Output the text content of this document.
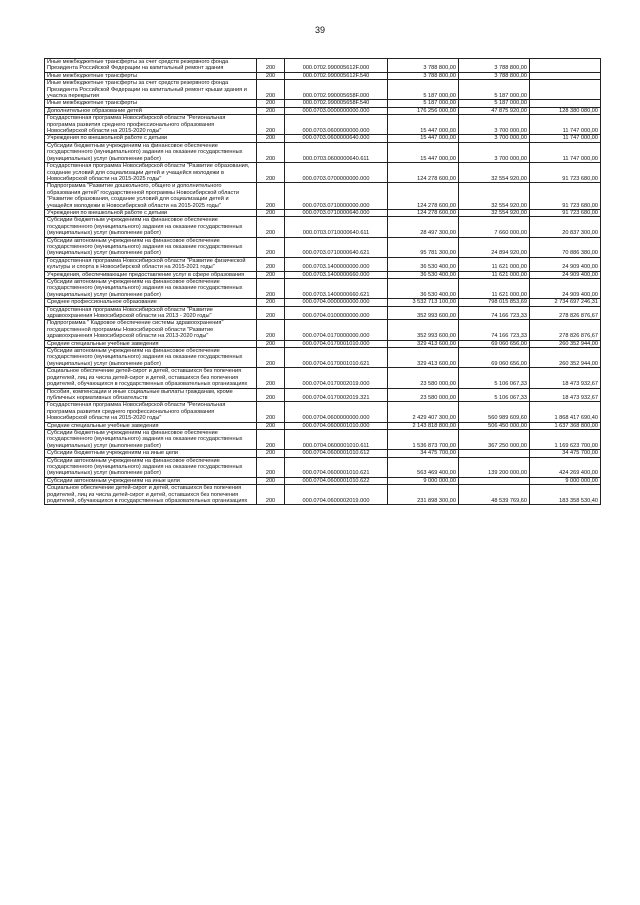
39
Иные межбюджетные трансферты за счет средств резервного фонда Президента Российской Федерации на капитальный ремонт здания	200	000.0702.990005612F.000	3 788 800,00	3 788 800,00	
Иные межбюджетные трансферты	200	000.0702.990005612F.540	3 788 800,00	3 788 800,00	
Иные межбюджетные трансферты за счет средств резервного фонда Президента Российской Федерации на капитальный ремонт крыши здания и участка перекрытия	200	000.0702.990005658F.000	5 187 000,00	5 187 000,00	
Иные межбюджетные трансферты	200	000.0702.990005658F.540	5 187 000,00	5 187 000,00	
Дополнительное образование детей	200	000.0703.0000000000.000	176 256 000,00	47 875 920,00	128 380 080,00
Государственная программа Новосибирской области "Региональная программа развития среднего профессионального образования Новосибирской области на 2015-2020 годы"	200	000.0703.0600000000.000	15 447 000,00	3 700 000,00	11 747 000,00
Учреждения по внешкольной работе с детьми	200	000.0703.0600000640.000	15 447 000,00	3 700 000,00	11 747 000,00
Субсидии бюджетным учреждениям на финансовое обеспечение государственного (муниципального) задания на оказание государственных (муниципальных) услуг (выполнение работ)	200	000.0703.0600000640.611	15 447 000,00	3 700 000,00	11 747 000,00
Государственная программа Новосибирской области "Развитие образования, создание условий для социализации детей и учащейся молодежи в Новосибирской области на 2015-2025 годы"	200	000.0703.0700000000.000	124 278 600,00	32 554 920,00	91 723 680,00
Подпрограмма "Развитие дошкольного, общего и дополнительного образования детей" государственной программы Новосибирской области "Развитие образования, создание условий для социализации детей и учащейся молодежи в Новосибирской области на 2015-2025 годы"	200	000.0703.0710000000.000	124 278 600,00	32 554 920,00	91 723 680,00
Учреждения по внешкольной работе с детьми	200	000.0703.0710000640.000	124 278 600,00	32 554 920,00	91 723 680,00
Субсидии бюджетным учреждениям на финансовое обеспечение государственного (муниципального) задания на оказание государственных (муниципальных) услуг (выполнение работ)	200	000.0703.0710000640.611	28 497 300,00	7 660 000,00	20 837 300,00
Субсидии автономным учреждениям на финансовое обеспечение государственного (муниципального) задания на оказание государственных (муниципальных) услуг (выполнение работ)	200	000.0703.0710000640.621	95 781 300,00	24 894 920,00	70 886 380,00
Государственная программа Новосибирской области "Развитие физической культуры и спорта в Новосибирской области на 2015-2021 годы"	200	000.0703.1400000000.000	36 530 400,00	11 621 000,00	24 909 400,00
Учреждения, обеспечивающие предоставление услуг в сфере образования	200	000.0703.1400000660.000	36 530 400,00	11 621 000,00	24 909 400,00
Субсидии автономным учреждениям на финансовое обеспечение государственного (муниципального) задания на оказание государственных (муниципальных) услуг (выполнение работ)	200	000.0703.1400000660.621	36 530 400,00	11 621 000,00	24 909 400,00
Среднее профессиональное образование	200	000.0704.0000000000.000	3 532 713 100,00	798 015 853,69	2 734 697 246,31
Государственная программа Новосибирской области "Развитие здравоохранения Новосибирской области на 2013 - 2020 годы"	200	000.0704.0100000000.000	352 993 600,00	74 166 723,33	278 826 876,67
Подпрограмма " Кадровое обеспечение системы здравоохранения" государственной программы Новосибирской области "Развитие здравоохранения Новосибирской области на 2013-2020 годы"	200	000.0704.0170000000.000	352 993 600,00	74 166 723,33	278 826 876,67
Средние специальные учебные заведения	200	000.0704.0170001010.000	329 413 600,00	69 060 656,00	260 352 944,00
Субсидии автономным учреждениям на финансовое обеспечение государственного (муниципального) задания на оказание государственных (муниципальных) услуг (выполнение работ)	200	000.0704.0170001010.621	329 413 600,00	69 060 656,00	260 352 944,00
Социальное обеспечение детей-сирот и детей, оставшихся без попечения родителей, лиц из числа детей-сирот и детей, оставшихся без попечения родителей, обучающихся в государственных образовательных организациях	200	000.0704.0170002019.000	23 580 000,00	5 106 067,33	18 473 932,67
Пособия, компенсации и иные социальные выплаты гражданам, кроме публичных нормативных обязательств	200	000.0704.0170002019.321	23 580 000,00	5 106 067,33	18 473 932,67
Государственная программа Новосибирской области "Региональная программа развития среднего профессионального образования Новосибирской области на 2015-2020 годы"	200	000.0704.0600000000.000	2 429 407 300,00	560 989 609,60	1 868 417 690,40
Средние специальные учебные заведения	200	000.0704.0600001010.000	2 143 818 800,00	506 450 000,00	1 637 368 800,00
Субсидии бюджетным учреждениям на финансовое обеспечение государственного (муниципального) задания на оказание государственных (муниципальных) услуг (выполнение работ)	200	000.0704.0600001010.611	1 536 873 700,00	367 250 000,00	1 169 623 700,00
Субсидии бюджетным учреждениям на иные цели	200	000.0704.0600001010.612	34 475 700,00		34 475 700,00
Субсидии автономным учреждениям на финансовое обеспечение государственного (муниципального) задания на оказание государственных (муниципальных) услуг (выполнение работ)	200	000.0704.0600001010.621	563 469 400,00	139 200 000,00	424 269 400,00
Субсидии автономным учреждениям на иные цели	200	000.0704.0600001010.622	9 000 000,00		9 000 000,00
Социальное обеспечение детей-сирот и детей, оставшихся без попечения родителей, лиц из числа детей-сирот и детей, оставшихся без попечения родителей, обучающихся в государственных образовательных организациях	200	000.0704.0600002019.000	231 898 300,00	48 539 769,60	183 358 530,40
